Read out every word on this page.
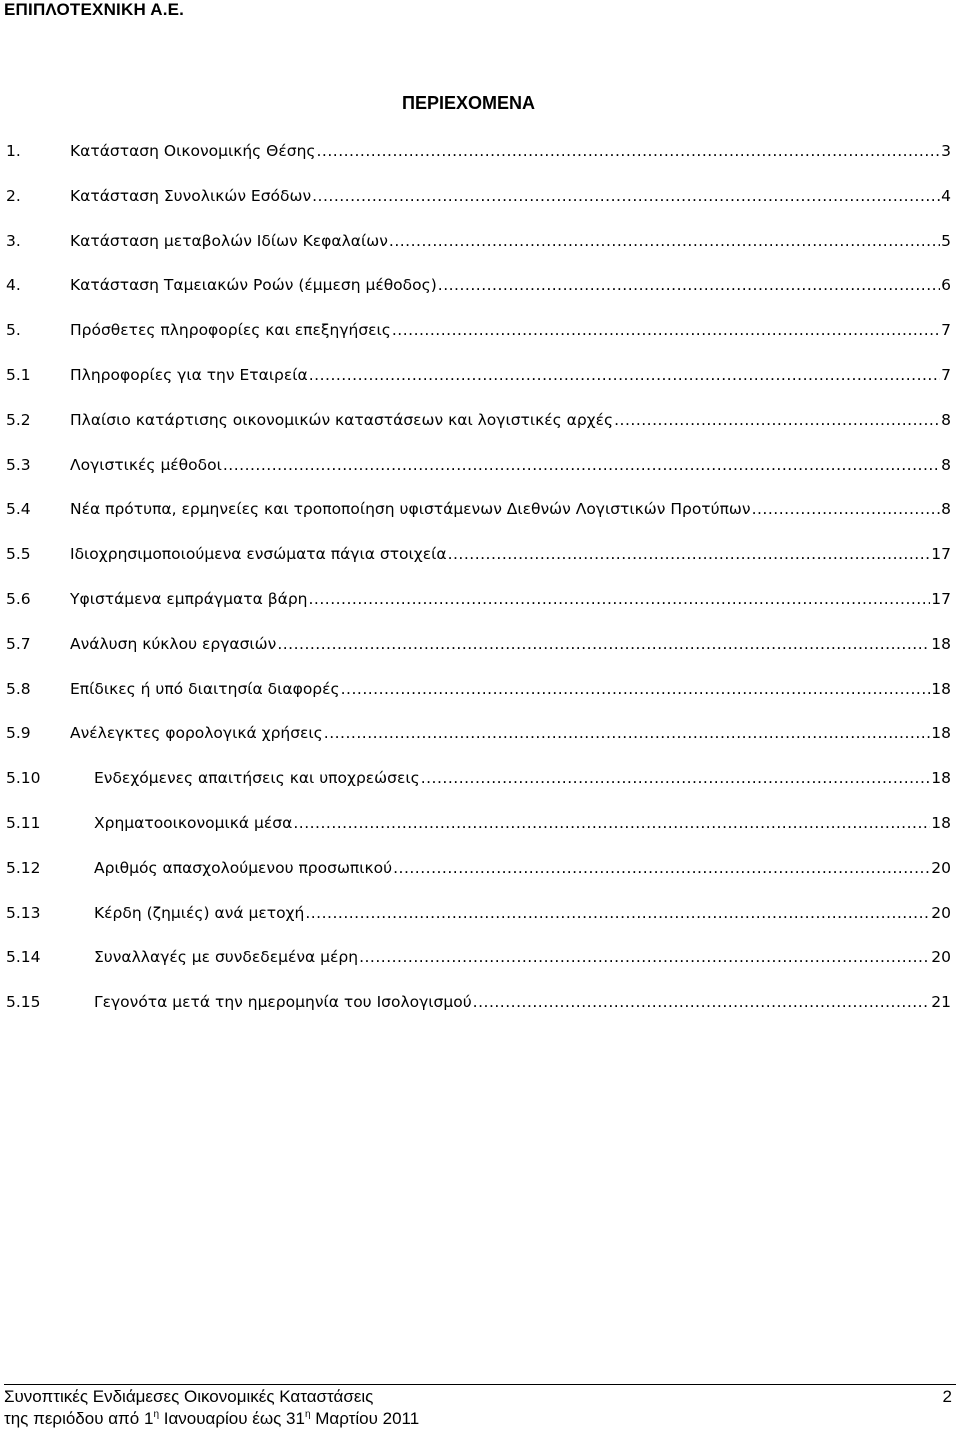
ΕΠΙΠΛΟΤΕΧΝΙΚΗ Α.Ε.
ΠΕΡΙΕΧΟΜΕΝΑ
1.	Κατάσταση Οικονομικής Θέσης .....	3
2.	Κατάσταση Συνολικών Εσόδων .....	4
3.	Κατάσταση μεταβολών Ιδίων Κεφαλαίων .....	5
4.	Κατάσταση Ταμειακών Ροών (έμμεση μέθοδος) .....	6
5.	Πρόσθετες πληροφορίες και επεξηγήσεις .....	7
5.1	Πληροφορίες για την Εταιρεία .....	7
5.2	Πλαίσιο κατάρτισης οικονομικών καταστάσεων και λογιστικές αρχές .....	8
5.3	Λογιστικές μέθοδοι .....	8
5.4	Νέα πρότυπα, ερμηνείες και τροποποίηση υφιστάμενων Διεθνών Λογιστικών Προτύπων .....	8
5.5	Ιδιοχρησιμοποιούμενα ενσώματα πάγια στοιχεία .....	17
5.6	Υφιστάμενα εμπράγματα βάρη .....	17
5.7	Ανάλυση κύκλου εργασιών .....	18
5.8	Επίδικες ή υπό διαιτησία διαφορές .....	18
5.9	Ανέλεγκτες φορολογικά χρήσεις .....	18
5.10	Ενδεχόμενες απαιτήσεις και υποχρεώσεις .....	18
5.11	Χρηματοοικονομικά μέσα .....	18
5.12	Αριθμός απασχολούμενου προσωπικού .....	20
5.13	Κέρδη (ζημιές) ανά μετοχή .....	20
5.14	Συναλλαγές με συνδεδεμένα μέρη .....	20
5.15	Γεγονότα μετά την ημερομηνία του Ισολογισμού .....	21
Συνοπτικές Ενδιάμεσες Οικονομικές Καταστάσεις
της περιόδου από $1^\eta$ Ιανουαρίου έως $31^\eta$ Μαρτίου 2011
2
